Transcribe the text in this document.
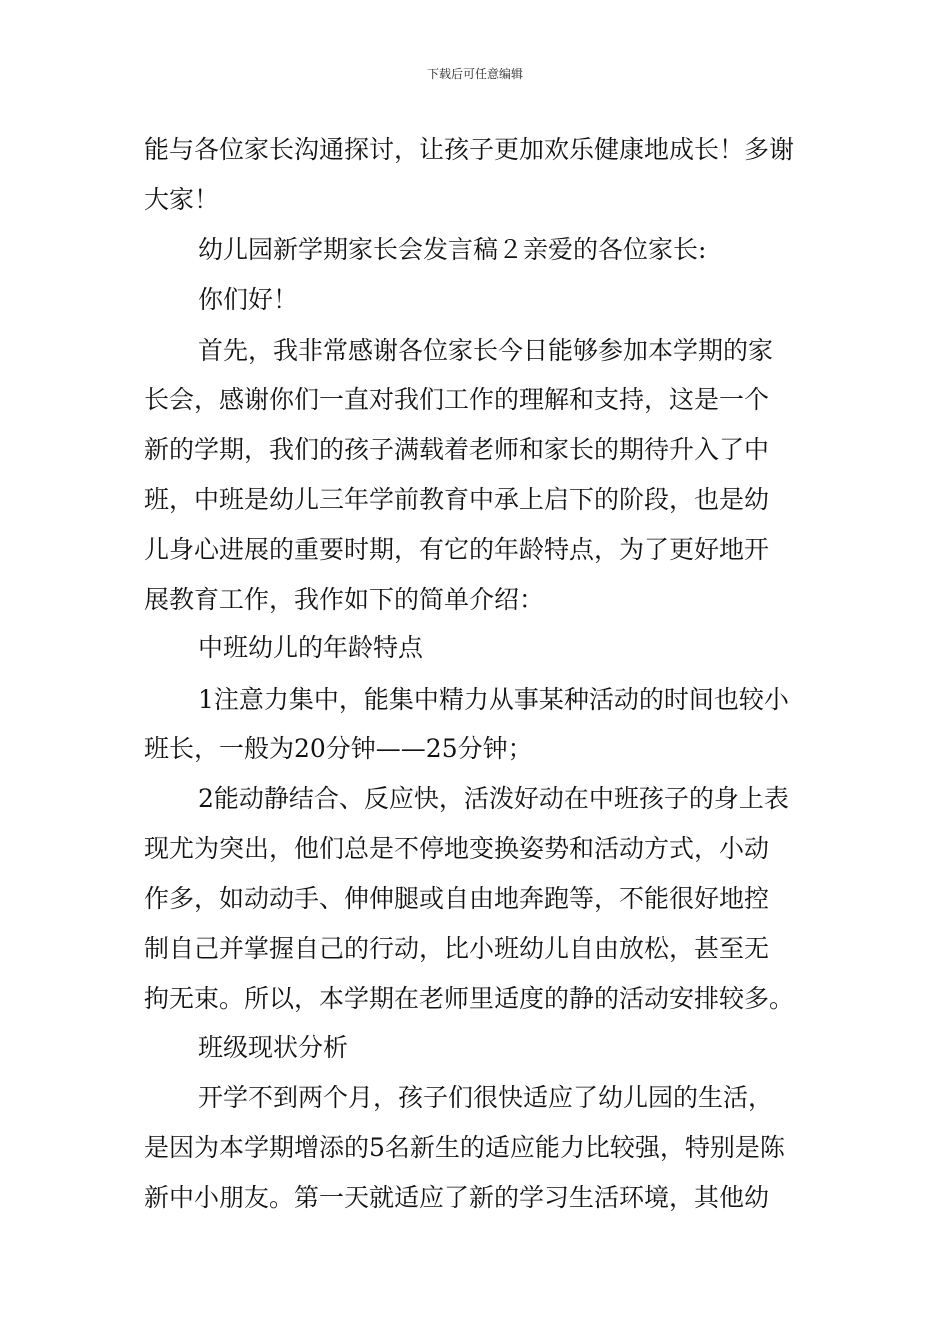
下载后可任意编辑
能与各位家长沟通探讨，让孩子更加欢乐健康地成长！多谢
大家！
幼儿园新学期家长会发言稿２亲爱的各位家长:
你们好！
首先，我非常感谢各位家长今日能够参加本学期的家
长会，感谢你们一直对我们工作的理解和支持，这是一个
新的学期，我们的孩子满载着老师和家长的期待升入了中
班，中班是幼儿三年学前教育中承上启下的阶段，也是幼
儿身心进展的重要时期，有它的年龄特点，为了更好地开
展教育工作，我作如下的简单介绍：
中班幼儿的年龄特点
1注意力集中，能集中精力从事某种活动的时间也较小
班长，一般为20分钟——25分钟；
2能动静结合、反应快，活泼好动在中班孩子的身上表
现尤为突出，他们总是不停地变换姿势和活动方式，小动
作多，如动动手、伸伸腿或自由地奔跑等，不能很好地控
制自己并掌握自己的行动，比小班幼儿自由放松，甚至无
拘无束。所以，本学期在老师里适度的静的活动安排较多。
班级现状分析
开学不到两个月，孩子们很快适应了幼儿园的生活，
是因为本学期增添的5名新生的适应能力比较强，特别是陈
新中小朋友。第一天就适应了新的学习生活环境，其他幼
